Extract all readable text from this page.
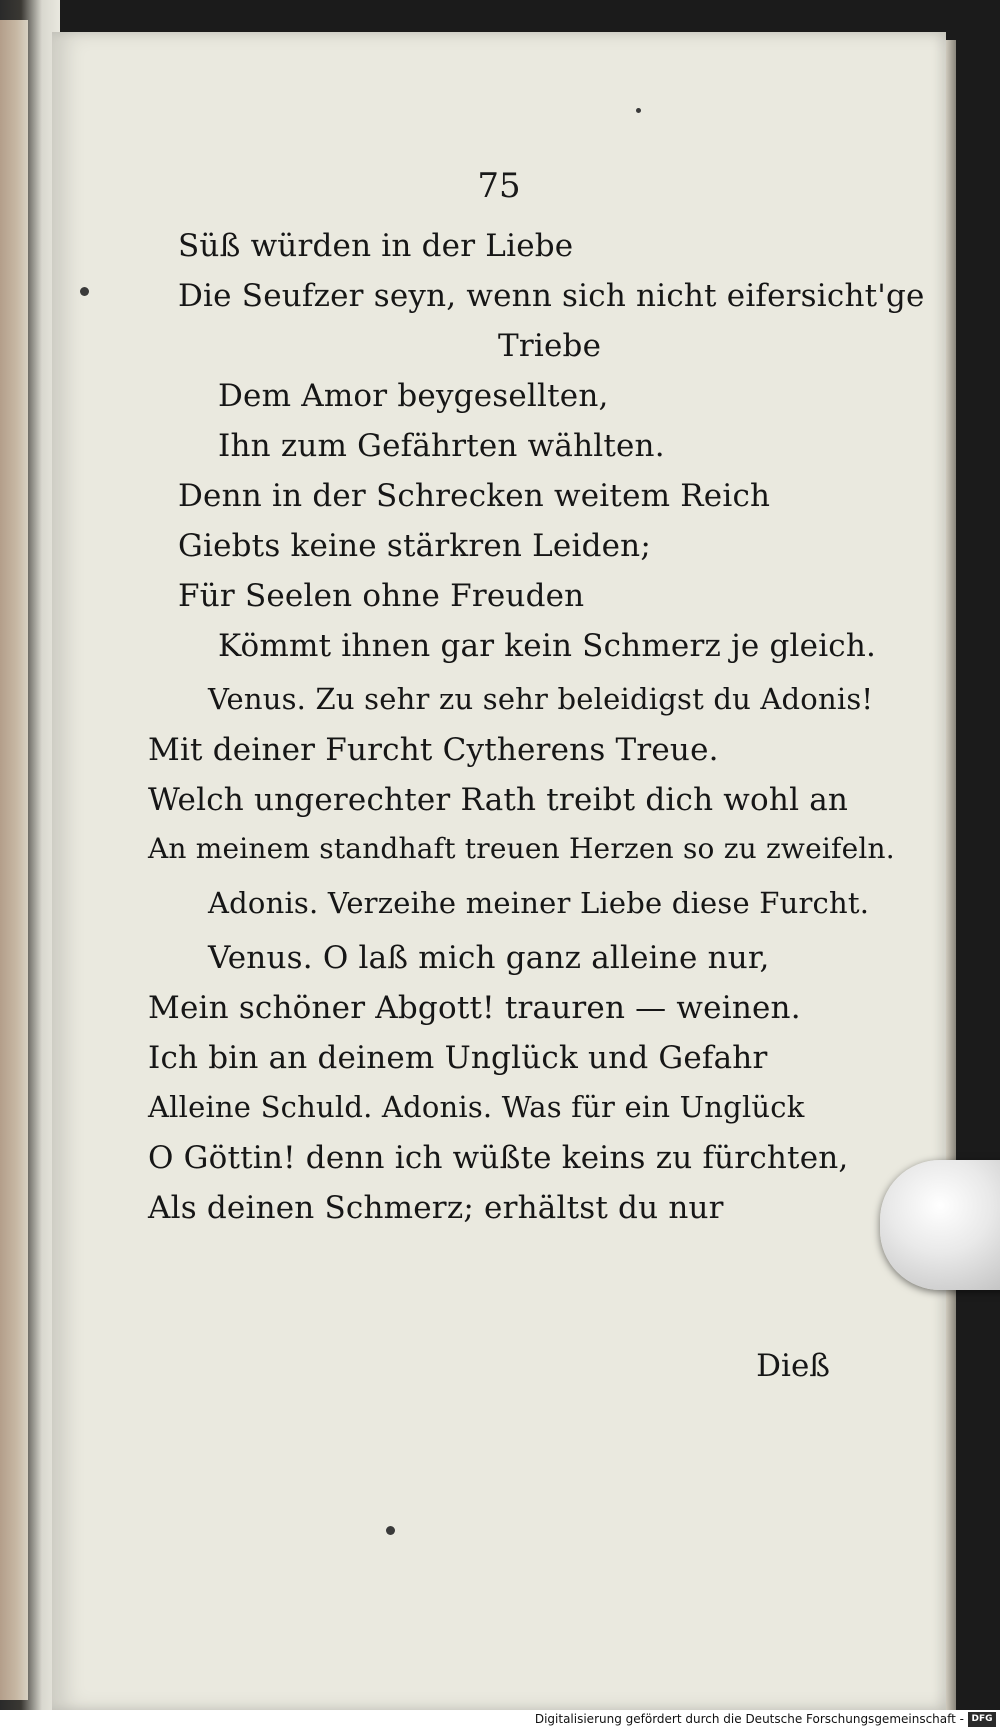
75
Süß würden in der Liebe
Die Seufzer seyn, wenn sich nicht eifersicht'ge
Triebe
Dem Amor beygesellten,
Ihn zum Gefährten wählten.
Denn in der Schrecken weitem Reich
Giebts keine stärkren Leiden;
Für Seelen ohne Freuden
Kömmt ihnen gar kein Schmerz je gleich.
Venus. Zu sehr zu sehr beleidigst du Adonis!
Mit deiner Furcht Cytherens Treue.
Welch ungerechter Rath treibt dich wohl an
An meinem standhaft treuen Herzen so zu zweifeln.
Adonis. Verzeihe meiner Liebe diese Furcht.
Venus. O laß mich ganz alleine nur,
Mein schöner Abgott! trauren — weinen.
Ich bin an deinem Unglück und Gefahr
Alleine Schuld. Adonis. Was für ein Unglück
O Göttin! denn ich wüßte keins zu fürchten,
Als deinen Schmerz; erhältst du nur
Dieß
Digitalisierung gefördert durch die Deutsche Forschungsgemeinschaft - DFG
